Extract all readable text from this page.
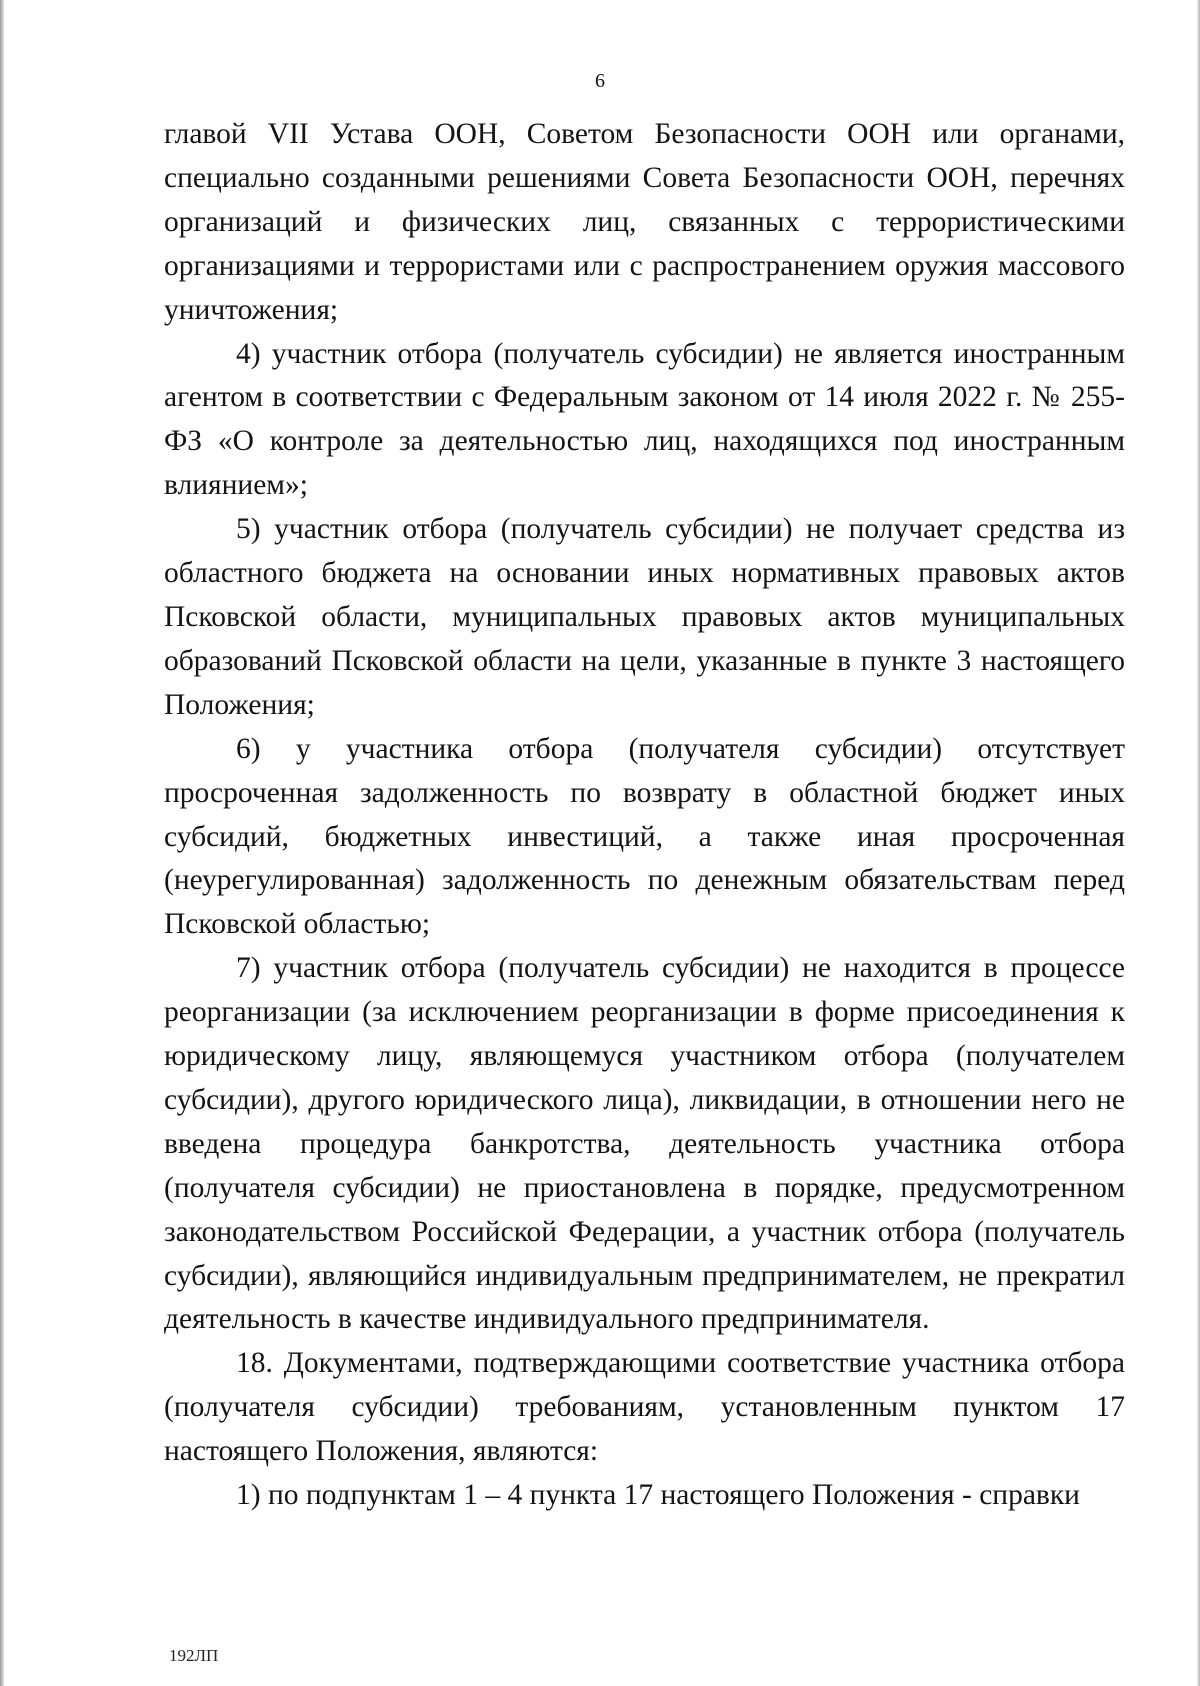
6

главой VII Устава ООН, Советом Безопасности ООН или органами, специально созданными решениями Совета Безопасности ООН, перечнях организаций и физических лиц, связанных с террористическими организациями и террористами или с распространением оружия массового уничтожения;

4) участник отбора (получатель субсидии) не является иностранным агентом в соответствии с Федеральным законом от 14 июля 2022 г. № 255-ФЗ «О контроле за деятельностью лиц, находящихся под иностранным влиянием»;

5) участник отбора (получатель субсидии) не получает средства из областного бюджета на основании иных нормативных правовых актов Псковской области, муниципальных правовых актов муниципальных образований Псковской области на цели, указанные в пункте 3 настоящего Положения;

6) у участника отбора (получателя субсидии) отсутствует просроченная задолженность по возврату в областной бюджет иных субсидий, бюджетных инвестиций, а также иная просроченная (неурегулированная) задолженность по денежным обязательствам перед Псковской областью;

7) участник отбора (получатель субсидии) не находится в процессе реорганизации (за исключением реорганизации в форме присоединения к юридическому лицу, являющемуся участником отбора (получателем субсидии), другого юридического лица), ликвидации, в отношении него не введена процедура банкротства, деятельность участника отбора (получателя субсидии) не приостановлена в порядке, предусмотренном законодательством Российской Федерации, а участник отбора (получатель субсидии), являющийся индивидуальным предпринимателем, не прекратил деятельность в качестве индивидуального предпринимателя.

18. Документами, подтверждающими соответствие участника отбора (получателя субсидии) требованиям, установленным пунктом 17 настоящего Положения, являются:

1) по подпунктам 1 – 4 пункта 17 настоящего Положения - справки

192ЛП
